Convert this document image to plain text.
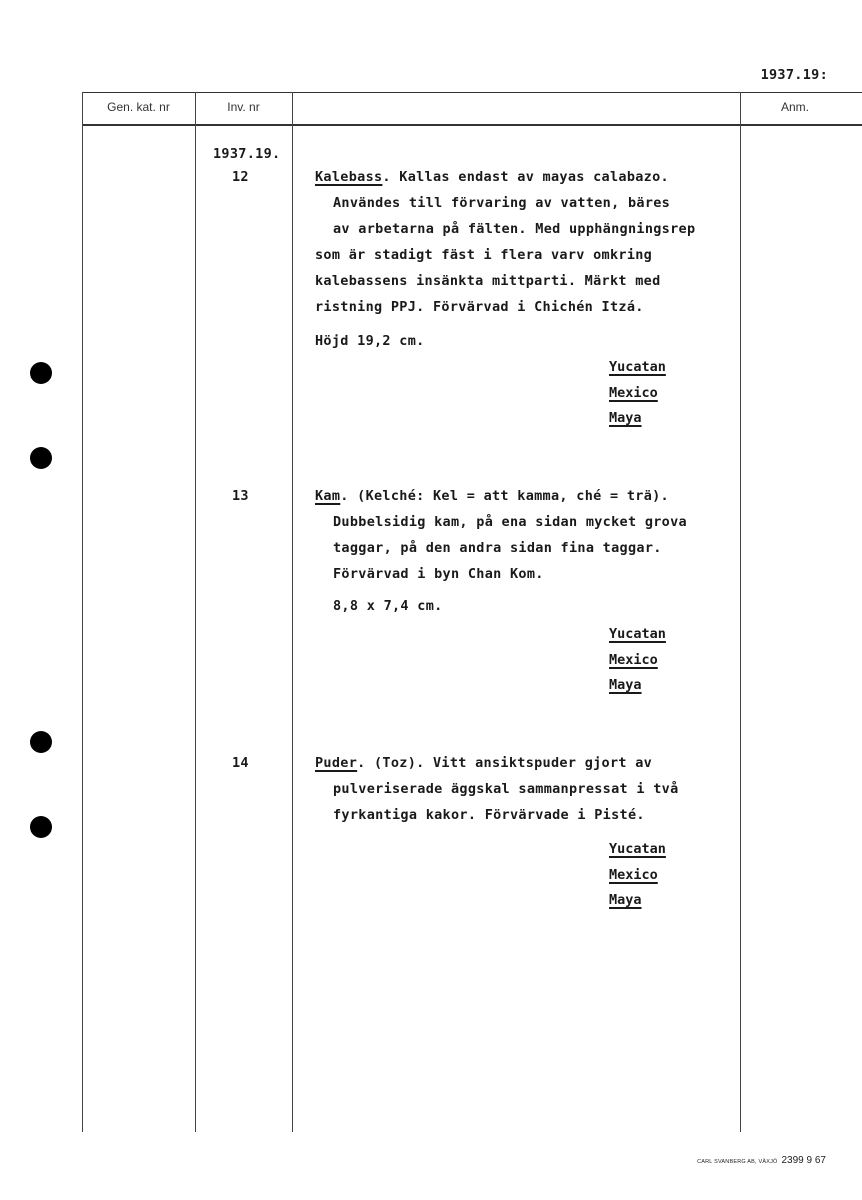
1937.19:
Gen. kat. nr	Inv. nr	Anm.
1937.19.
12	Kalebass. Kallas endast av mayas calabazo.
Användes till förvaring av vatten, bäres
av arbetarna på fälten. Med upphängningsrep
som är stadigt fäst i flera varv omkring
kalebassens insänkta mittparti. Märkt med
ristning PPJ. Förvärvad i Chichén Itzá.
Höjd 19,2 cm.
Yucatan
Mexico
Maya
13	Kam. (Kelché: Kel = att kamma, ché = trä).
Dubbelsidig kam, på ena sidan mycket grova
taggar, på den andra sidan fina taggar.
Förvärvad i byn Chan Kom.
8,8 x 7,4 cm.
Yucatan
Mexico
Maya
14	Puder. (Toz). Vitt ansiktspuder gjort av
pulveriserade äggskal sammanpressat i två
fyrkantiga kakor. Förvärvade i Pisté.
Yucatan
Mexico
Maya
CARL SVANBERG AB, VÄXJÖ 2399 9 67
